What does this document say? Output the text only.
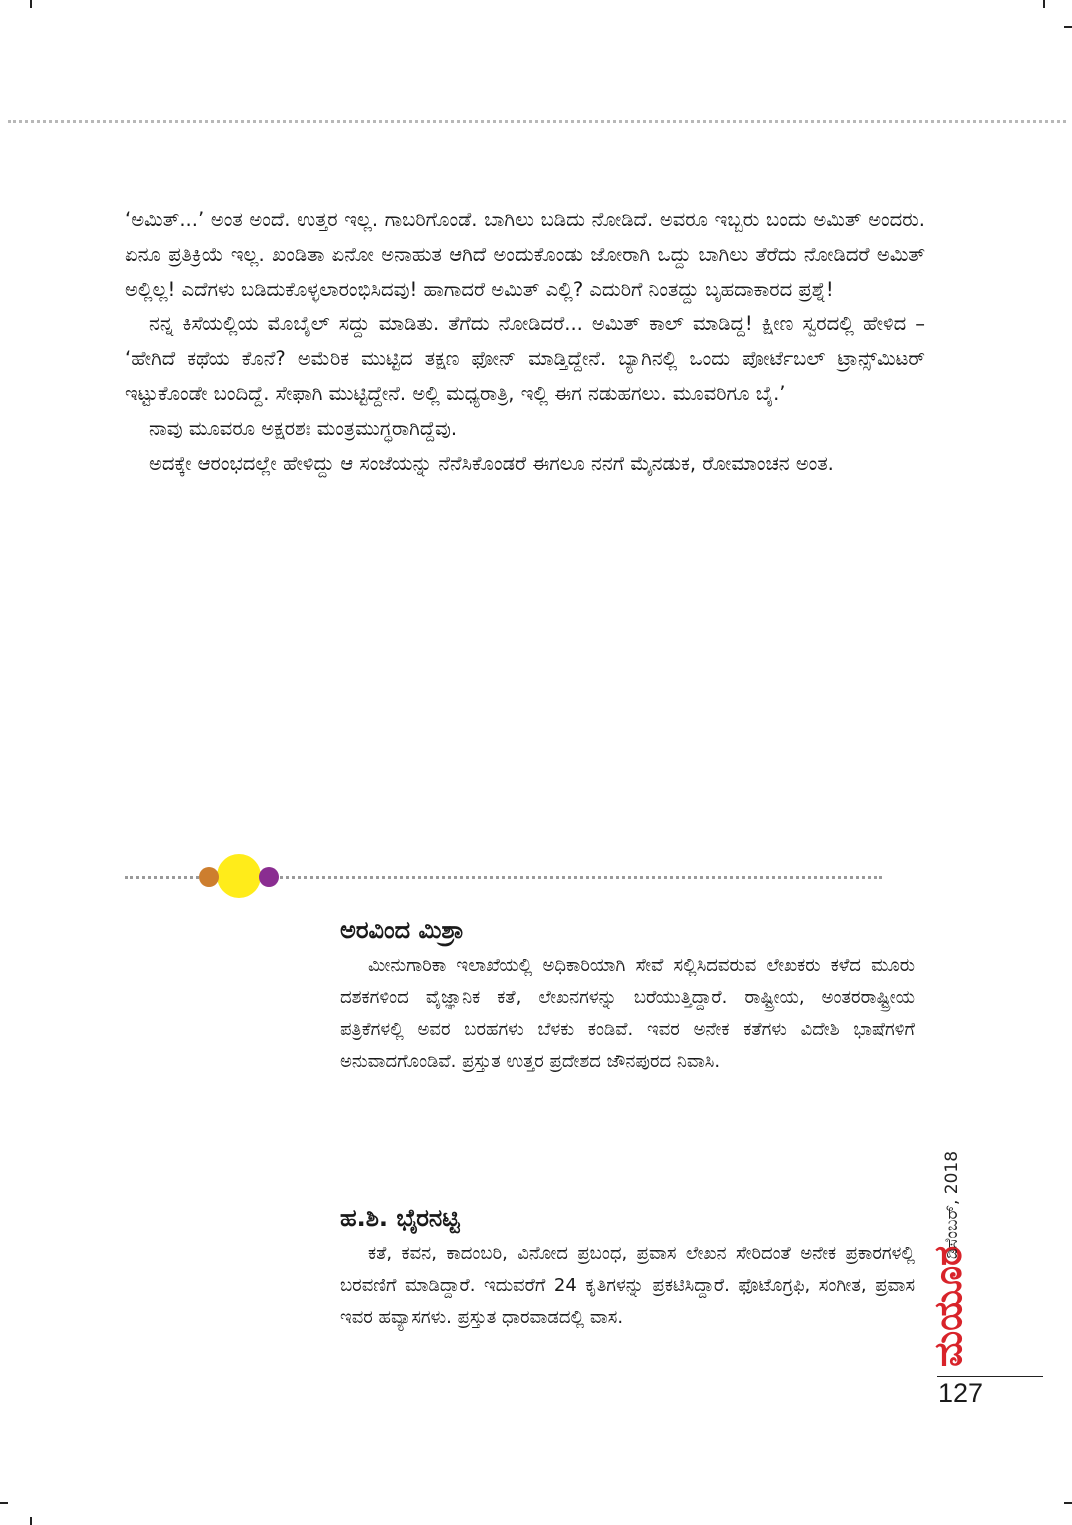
‘ಅಮಿತ್...’ ಅಂತ ಅಂದೆ. ಉತ್ತರ ಇಲ್ಲ. ಗಾಬರಿಗೊಂಡೆ. ಬಾಗಿಲು ಬಡಿದು ನೋಡಿದೆ. ಅವರೂ ಇಬ್ಬರು ಬಂದು ಅಮಿತ್ ಅಂದರು. ಏನೂ ಪ್ರತಿಕ್ರಿಯೆ ಇಲ್ಲ. ಖಂಡಿತಾ ಏನೋ ಅನಾಹುತ ಆಗಿದೆ ಅಂದುಕೊಂಡು ಜೋರಾಗಿ ಒದ್ದು ಬಾಗಿಲು ತೆರೆದು ನೋಡಿದರೆ ಅಮಿತ್ ಅಲ್ಲಿಲ್ಲ! ಎದೆಗಳು ಬಡಿದುಕೊಳ್ಳಲಾರಂಭಿಸಿದವು! ಹಾಗಾದರೆ ಅಮಿತ್ ಎಲ್ಲಿ? ಎದುರಿಗೆ ನಿಂತದ್ದು ಬೃಹದಾಕಾರದ ಪ್ರಶ್ನೆ!

ನನ್ನ ಕಿಸೆಯಲ್ಲಿಯ ಮೊಬೈಲ್ ಸದ್ದು ಮಾಡಿತು. ತೆಗೆದು ನೋಡಿದರೆ... ಅಮಿತ್ ಕಾಲ್ ಮಾಡಿದ್ದ! ಕ್ಷೀಣ ಸ್ವರದಲ್ಲಿ ಹೇಳಿದ – ‘ಹೇಗಿದೆ ಕಥೆಯ ಕೊನೆ? ಅಮೆರಿಕ ಮುಟ್ಟಿದ ತಕ್ಷಣ ಫೋನ್ ಮಾಡ್ತಿದ್ದೇನೆ. ಬ್ಯಾಗಿನಲ್ಲಿ ಒಂದು ಪೋರ್ಟೆಬಲ್ ಟ್ರಾನ್ಸ್‌ಮಿಟರ್ ಇಟ್ಟುಕೊಂಡೇ ಬಂದಿದ್ದೆ. ಸೇಫಾಗಿ ಮುಟ್ಟಿದ್ದೇನೆ. ಅಲ್ಲಿ ಮಧ್ಯರಾತ್ರಿ, ಇಲ್ಲಿ ಈಗ ನಡುಹಗಲು. ಮೂವರಿಗೂ ಬೈ.’

ನಾವು ಮೂವರೂ ಅಕ್ಷರಶಃ ಮಂತ್ರಮುಗ್ಧರಾಗಿದ್ದೆವು.

ಅದಕ್ಕೇ ಆರಂಭದಲ್ಲೇ ಹೇಳಿದ್ದು ಆ ಸಂಜೆಯನ್ನು ನೆನೆಸಿಕೊಂಡರೆ ಈಗಲೂ ನನಗೆ ಮೈನಡುಕ, ರೋಮಾಂಚನ ಅಂತ.

ಅರವಿಂದ ಮಿಶ್ರಾ

ಮೀನುಗಾರಿಕಾ ಇಲಾಖೆಯಲ್ಲಿ ಅಧಿಕಾರಿಯಾಗಿ ಸೇವೆ ಸಲ್ಲಿಸಿದವರುವ ಲೇಖಕರು ಕಳೆದ ಮೂರು ದಶಕಗಳಿಂದ ವೈಜ್ಞಾನಿಕ ಕತೆ, ಲೇಖನಗಳನ್ನು ಬರೆಯುತ್ತಿದ್ದಾರೆ. ರಾಷ್ಟ್ರೀಯ, ಅಂತರರಾಷ್ಟ್ರೀಯ ಪತ್ರಿಕೆಗಳಲ್ಲಿ ಅವರ ಬರಹಗಳು ಬೆಳಕು ಕಂಡಿವೆ. ಇವರ ಅನೇಕ ಕತೆಗಳು ವಿದೇಶಿ ಭಾಷೆಗಳಿಗೆ ಅನುವಾದಗೊಂಡಿವೆ. ಪ್ರಸ್ತುತ ಉತ್ತರ ಪ್ರದೇಶದ ಜೌನಪುರದ ನಿವಾಸಿ.

ಹ.ಶಿ. ಭೈರನಟ್ಟಿ

ಕತೆ, ಕವನ, ಕಾದಂಬರಿ, ವಿನೋದ ಪ್ರಬಂಧ, ಪ್ರವಾಸ ಲೇಖನ ಸೇರಿದಂತೆ ಅನೇಕ ಪ್ರಕಾರಗಳಲ್ಲಿ ಬರವಣಿಗೆ ಮಾಡಿದ್ದಾರೆ. ಇದುವರೆಗೆ 24 ಕೃತಿಗಳನ್ನು ಪ್ರಕಟಿಸಿದ್ದಾರೆ. ಫೊಟೊಗ್ರಫಿ, ಸಂಗೀತ, ಪ್ರವಾಸ ಇವರ ಹವ್ಯಾಸಗಳು. ಪ್ರಸ್ತುತ ಧಾರವಾಡದಲ್ಲಿ ವಾಸ.	ಮಯೂರ
ಡಿಸೆಂಬರ್, 2018
127
